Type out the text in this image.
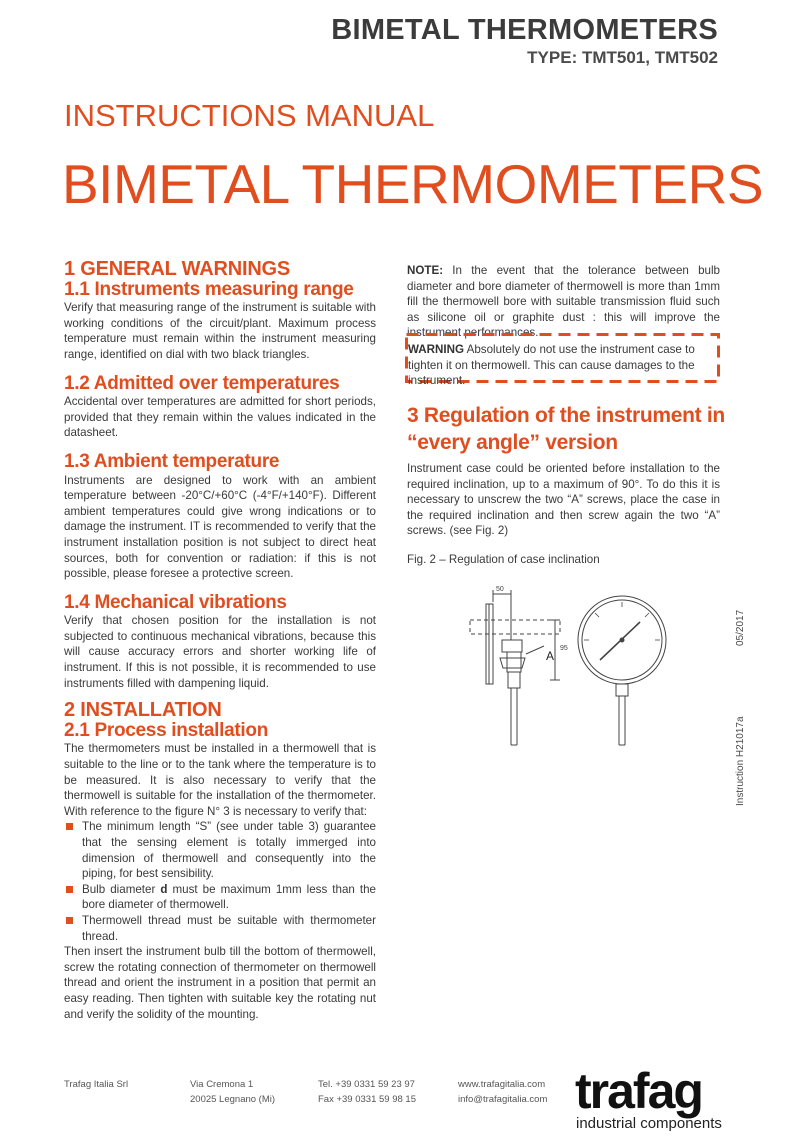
BIMETAL THERMOMETERS
TYPE: TMT501, TMT502
INSTRUCTIONS MANUAL
BIMETAL THERMOMETERS
1 GENERAL WARNINGS
1.1 Instruments measuring range

Verify that measuring range of the instrument is suitable with working conditions of the circuit/plant. Maximum process temperature must remain within the instrument measuring range, identified on dial with two black triangles.

1.2 Admitted over temperatures

Accidental over temperatures are admitted for short periods, provided that they remain within the values indicated in the datasheet.

1.3 Ambient temperature

Instruments are designed to work with an ambient temperature between -20°C/+60°C (-4°F/+140°F). Different ambient temperatures could give wrong indications or to damage the instrument. IT is recommended to verify that the instrument installation position is not subject to direct heat sources, both for convention or radiation: if this is not possible, please foresee a protective screen.

1.4 Mechanical vibrations

Verify that chosen position for the installation is not subjected to continuous mechanical vibrations, because this will cause accuracy errors and shorter working life of instrument. If this is not possible, it is recommended to use instruments filled with dampening liquid.

2 INSTALLATION
2.1 Process installation

The thermometers must be installed in a thermowell that is suitable to the line or to the tank where the temperature is to be measured. It is also necessary to verify that the thermowell is suitable for the installation of the thermometer. With reference to the figure N° 3 is necessary to verify that:

The minimum length “S” (see under table 3) guarantee that the sensing element is totally immerged into dimension of thermowell and consequently into the piping, for best sensibility.
Bulb diameter d must be maximum 1mm less than the bore diameter of thermowell.
Thermowell thread must be suitable with thermometer thread.

Then insert the instrument bulb till the bottom of thermowell, screw the rotating connection of thermometer on thermowell thread and orient the instrument in a position that permit an easy reading. Then tighten with suitable key the rotating nut and verify the solidity of the mounting.

NOTE: In the event that the tolerance between bulb diameter and bore diameter of thermowell is more than 1mm fill the thermowell bore with suitable transmission fluid such as silicone oil or graphite dust : this will improve the instrument performances.

WARNING Absolutely do not use the instrument case to tighten it on thermowell. This can cause damages to the instrument.
3 Regulation of the instrument in “every angle” version

Instrument case could be oriented before installation to the required inclination, up to a maximum of 90°. To do this it is necessary to unscrew the two “A” screws, place the case in the required inclination and then screw again the two “A” screws. (see Fig. 2)

Fig. 2 – Regulation of case inclination
50
95
A
05/2017
Instruction H21017a
Trafag Italia Srl	Via Cremona 1
20025 Legnano (Mi)
Tel. +39 0331 59 23 97
Fax +39 0331 59 98 15
www.trafagitalia.com
info@trafagitalia.com trafag
industrial components
